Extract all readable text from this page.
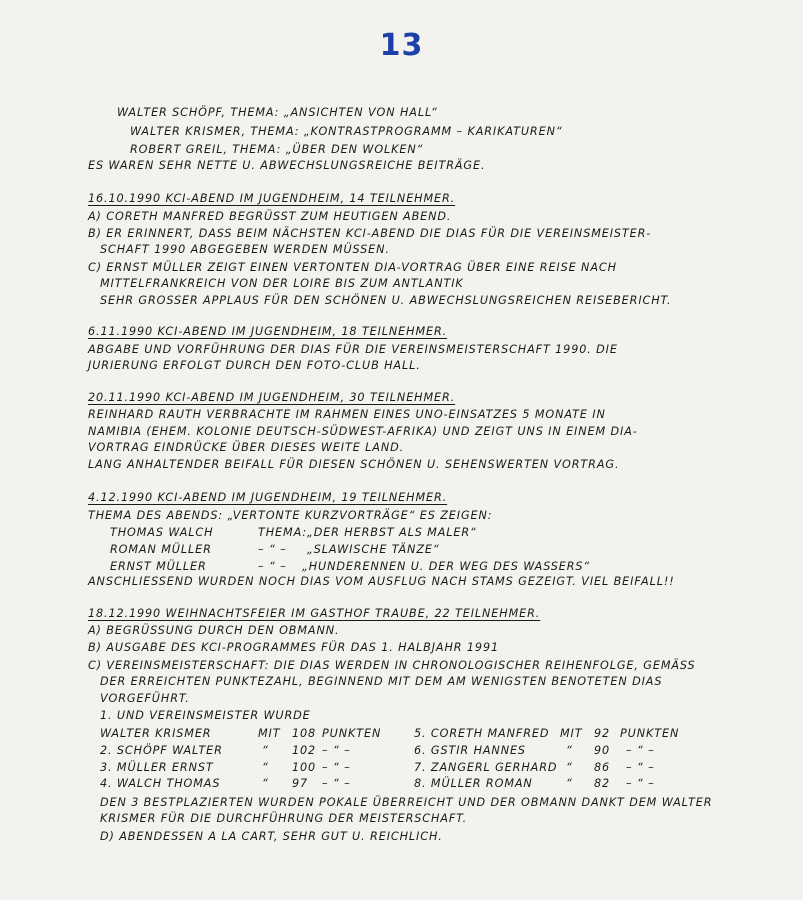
13
WALTER SCHÖPF, THEMA: „ANSICHTEN VON HALL“
WALTER KRISMER, THEMA: „KONTRASTPROGRAMM – KARIKATUREN“
ROBERT GREIL, THEMA: „ÜBER DEN WOLKEN“
ES WAREN SEHR NETTE U. ABWECHSLUNGSREICHE BEITRÄGE.
16.10.1990 KCI-ABEND IM JUGENDHEIM, 14 TEILNEHMER.
A) CORETH MANFRED BEGRÜSST ZUM HEUTIGEN ABEND.
B) ER ERINNERT, DASS BEIM NÄCHSTEN KCI-ABEND DIE DIAS FÜR DIE VEREINSMEISTER-
SCHAFT 1990 ABGEGEBEN WERDEN MÜSSEN.
C) ERNST MÜLLER ZEIGT EINEN VERTONTEN DIA-VORTRAG ÜBER EINE REISE NACH
MITTELFRANKREICH VON DER LOIRE BIS ZUM ANTLANTIK
SEHR GROSSER APPLAUS FÜR DEN SCHÖNEN U. ABWECHSLUNGSREICHEN REISEBERICHT.
6.11.1990 KCI-ABEND IM JUGENDHEIM, 18 TEILNEHMER.
ABGABE UND VORFÜHRUNG DER DIAS FÜR DIE VEREINSMEISTERSCHAFT 1990. DIE
JURIERUNG ERFOLGT DURCH DEN FOTO-CLUB HALL.
20.11.1990 KCI-ABEND IM JUGENDHEIM, 30 TEILNEHMER.
REINHARD RAUTH VERBRACHTE IM RAHMEN EINES UNO-EINSATZES 5 MONATE IN
NAMIBIA (EHEM. KOLONIE DEUTSCH-SÜDWEST-AFRIKA) UND ZEIGT UNS IN EINEM DIA-
VORTRAG EINDRÜCKE ÜBER DIESES WEITE LAND.
LANG ANHALTENDER BEIFALL FÜR DIESEN SCHÖNEN U. SEHENSWERTEN VORTRAG.
4.12.1990 KCI-ABEND IM JUGENDHEIM, 19 TEILNEHMER.
THEMA DES ABENDS: „VERTONTE KURZVORTRÄGE“ ES ZEIGEN:
THOMAS WALCH	THEMA: „DER HERBST ALS MALER“
ROMAN MÜLLER	– “ – „SLAWISCHE TÄNZE“
ERNST MÜLLER	– “ – „HUNDERENNEN U. DER WEG DES WASSERS“
ANSCHLIESSEND WURDEN NOCH DIAS VOM AUSFLUG NACH STAMS GEZEIGT. VIEL BEIFALL!!
18.12.1990 WEIHNACHTSFEIER IM GASTHOF TRAUBE, 22 TEILNEHMER.
A) BEGRÜSSUNG DURCH DEN OBMANN.
B) AUSGABE DES KCI-PROGRAMMES FÜR DAS 1. HALBJAHR 1991
C) VEREINSMEISTERSCHAFT: DIE DIAS WERDEN IN CHRONOLOGISCHER REIHENFOLGE, GEMÄSS
DER ERREICHTEN PUNKTEZAHL, BEGINNEND MIT DEM AM WENIGSTEN BENOTETEN DIAS
VORGEFÜHRT.
1. UND VEREINSMEISTER WURDE
WALTER KRISMER	MIT 108 PUNKTEN
2. SCHÖPF WALTER	“ 102 – “ –
3. MÜLLER ERNST	“ 100 – “ –
4. WALCH THOMAS	“ 97 – “ –
5. CORETH MANFRED MIT 92 PUNKTEN
6. GSTIR HANNES	“ 90 – “ –
7. ZANGERL GERHARD “ 86 – “ –
8. MÜLLER ROMAN	“ 82 – “ –
DEN 3 BESTPLAZIERTEN WURDEN POKALE ÜBERREICHT UND DER OBMANN DANKT DEM WALTER
KRISMER FÜR DIE DURCHFÜHRUNG DER MEISTERSCHAFT.
D) ABENDESSEN A LA CART, SEHR GUT U. REICHLICH.
